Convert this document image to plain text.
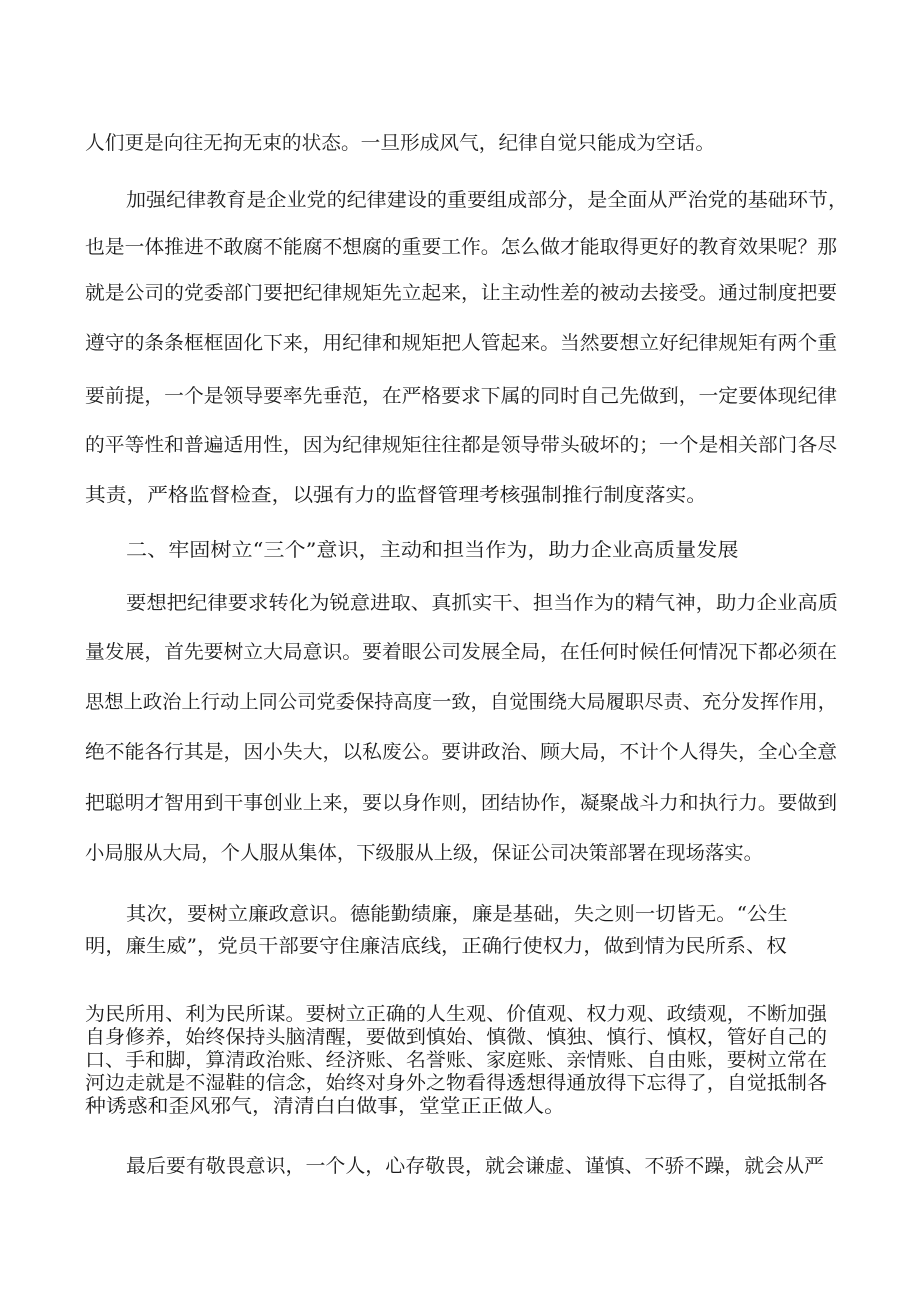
人们更是向往无拘无束的状态。一旦形成风气，纪律自觉只能成为空话。
加强纪律教育是企业党的纪律建设的重要组成部分，是全面从严治党的基础环节，
也是一体推进不敢腐不能腐不想腐的重要工作。怎么做才能取得更好的教育效果呢？那
就是公司的党委部门要把纪律规矩先立起来，让主动性差的被动去接受。通过制度把要
遵守的条条框框固化下来，用纪律和规矩把人管起来。当然要想立好纪律规矩有两个重
要前提，一个是领导要率先垂范，在严格要求下属的同时自己先做到，一定要体现纪律
的平等性和普遍适用性，因为纪律规矩往往都是领导带头破坏的；一个是相关部门各尽
其责，严格监督检查，以强有力的监督管理考核强制推行制度落实。
二、牢固树立“三个”意识，主动和担当作为，助力企业高质量发展
要想把纪律要求转化为锐意进取、真抓实干、担当作为的精气神，助力企业高质
量发展，首先要树立大局意识。要着眼公司发展全局，在任何时候任何情况下都必须在
思想上政治上行动上同公司党委保持高度一致，自觉围绕大局履职尽责、充分发挥作用，
绝不能各行其是，因小失大，以私废公。要讲政治、顾大局，不计个人得失，全心全意
把聪明才智用到干事创业上来，要以身作则，团结协作，凝聚战斗力和执行力。要做到
小局服从大局，个人服从集体，下级服从上级，保证公司决策部署在现场落实。
其次，要树立廉政意识。德能勤绩廉，廉是基础，失之则一切皆无。“公生
明，廉生威”，党员干部要守住廉洁底线，正确行使权力，做到情为民所系、权
为民所用、利为民所谋。要树立正确的人生观、价值观、权力观、政绩观，不断加强
自身修养，始终保持头脑清醒，要做到慎始、慎微、慎独、慎行、慎权，管好自己的
口、手和脚，算清政治账、经济账、名誉账、家庭账、亲情账、自由账，要树立常在
河边走就是不湿鞋的信念，始终对身外之物看得透想得通放得下忘得了，自觉抵制各
种诱惑和歪风邪气，清清白白做事，堂堂正正做人。
最后要有敬畏意识，一个人，心存敬畏，就会谦虚、谨慎、不骄不躁，就会从严
